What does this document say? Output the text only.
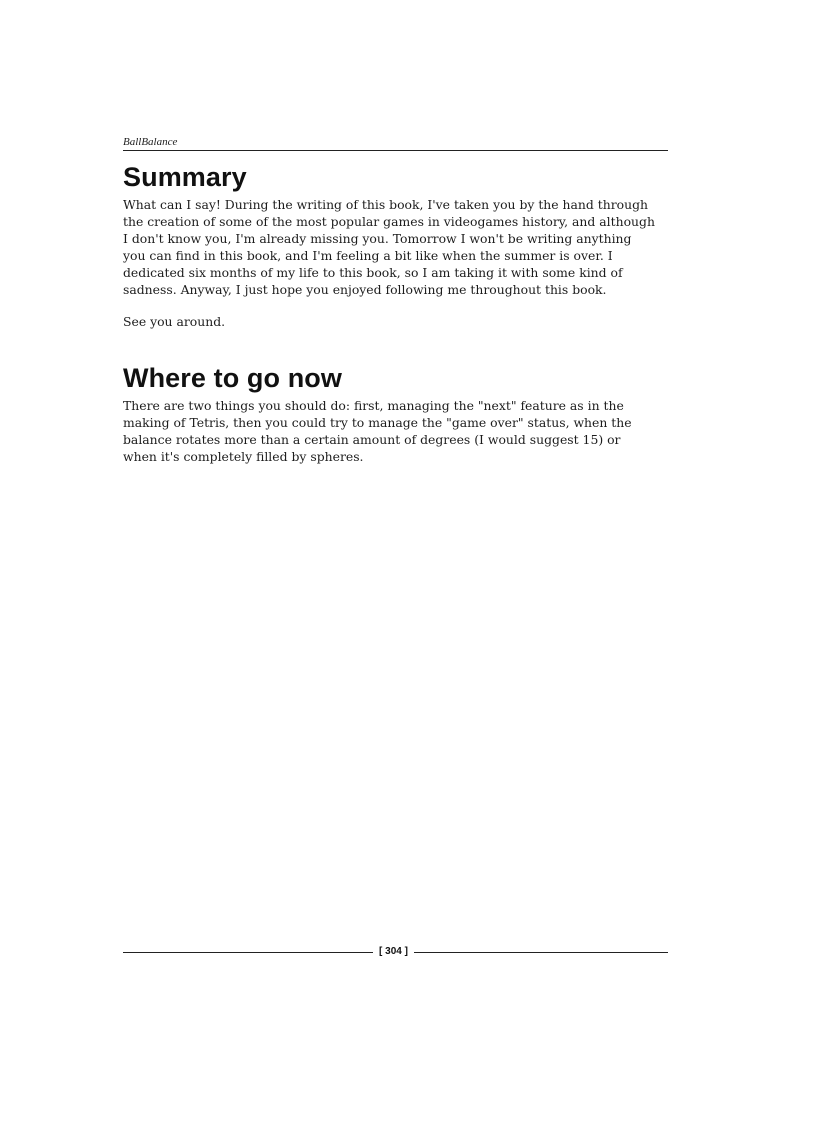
BallBalance
Summary

What can I say! During the writing of this book, I've taken you by the hand through
the creation of some of the most popular games in videogames history, and although
I don't know you, I'm already missing you. Tomorrow I won't be writing anything
you can find in this book, and I'm feeling a bit like when the summer is over. I
dedicated six months of my life to this book, so I am taking it with some kind of
sadness. Anyway, I just hope you enjoyed following me throughout this book.

See you around.

Where to go now

There are two things you should do: first, managing the "next" feature as in the
making of Tetris, then you could try to manage the "game over" status, when the
balance rotates more than a certain amount of degrees (I would suggest 15) or
when it's completely filled by spheres.

[ 304 ]
